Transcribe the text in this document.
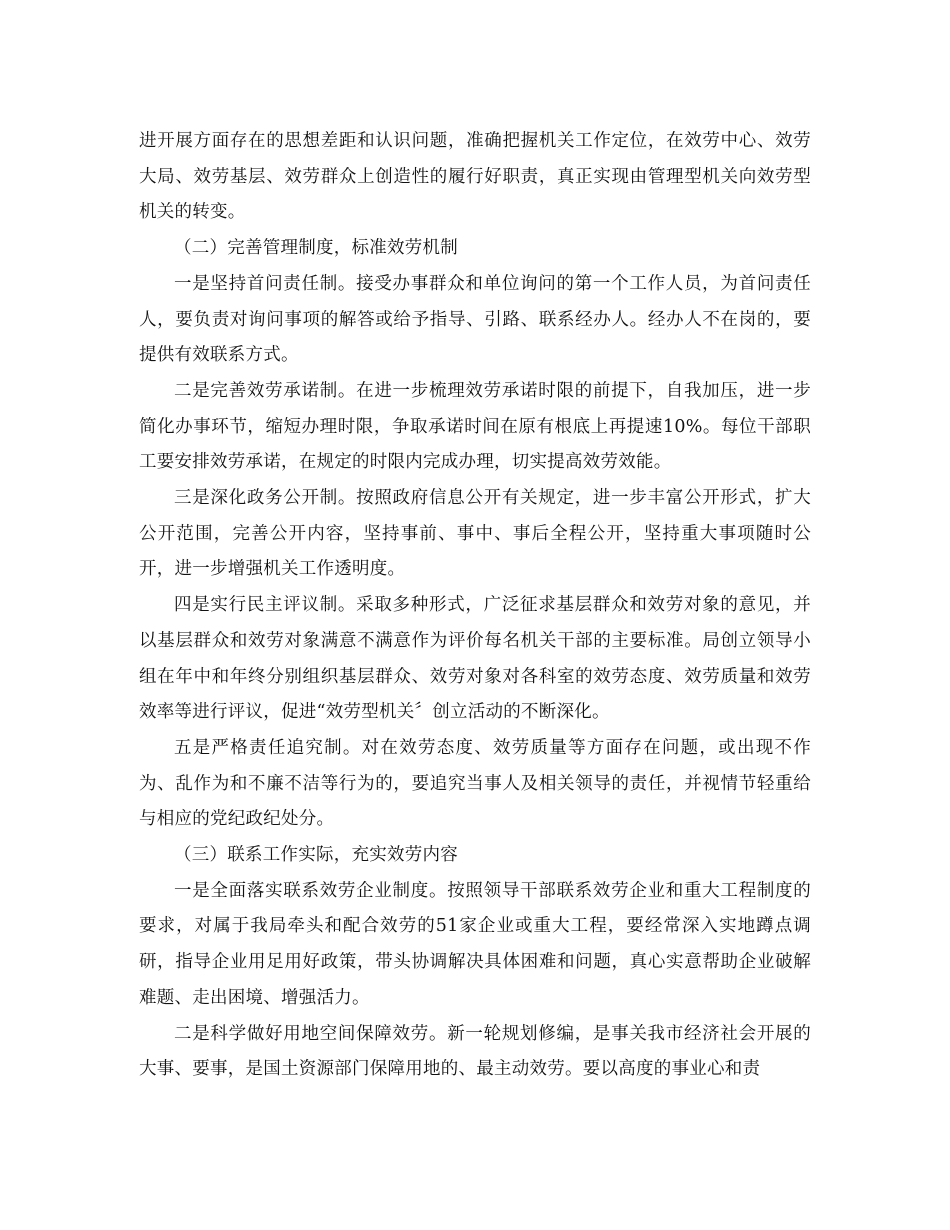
进开展方面存在的思想差距和认识问题，准确把握机关工作定位，在效劳中心、效劳大局、效劳基层、效劳群众上创造性的履行好职责，真正实现由管理型机关向效劳型机关的转变。

（二）完善管理制度，标准效劳机制

一是坚持首问责任制。接受办事群众和单位询问的第一个工作人员，为首问责任人，要负责对询问事项的解答或给予指导、引路、联系经办人。经办人不在岗的，要提供有效联系方式。

二是完善效劳承诺制。在进一步梳理效劳承诺时限的前提下，自我加压，进一步简化办事环节，缩短办理时限，争取承诺时间在原有根底上再提速10%。每位干部职工要安排效劳承诺，在规定的时限内完成办理，切实提高效劳效能。

三是深化政务公开制。按照政府信息公开有关规定，进一步丰富公开形式，扩大公开范围，完善公开内容，坚持事前、事中、事后全程公开，坚持重大事项随时公开，进一步增强机关工作透明度。

四是实行民主评议制。采取多种形式，广泛征求基层群众和效劳对象的意见，并以基层群众和效劳对象满意不满意作为评价每名机关干部的主要标准。局创立领导小组在年中和年终分别组织基层群众、效劳对象对各科室的效劳态度、效劳质量和效劳效率等进行评议，促进“效劳型机关〞创立活动的不断深化。

五是严格责任追究制。对在效劳态度、效劳质量等方面存在问题，或出现不作为、乱作为和不廉不洁等行为的，要追究当事人及相关领导的责任，并视情节轻重给与相应的党纪政纪处分。

（三）联系工作实际，充实效劳内容

一是全面落实联系效劳企业制度。按照领导干部联系效劳企业和重大工程制度的要求，对属于我局牵头和配合效劳的51家企业或重大工程，要经常深入实地蹲点调研，指导企业用足用好政策，带头协调解决具体困难和问题，真心实意帮助企业破解难题、走出困境、增强活力。

二是科学做好用地空间保障效劳。新一轮规划修编，是事关我市经济社会开展的大事、要事，是国土资源部门保障用地的、最主动效劳。要以高度的事业心和责
